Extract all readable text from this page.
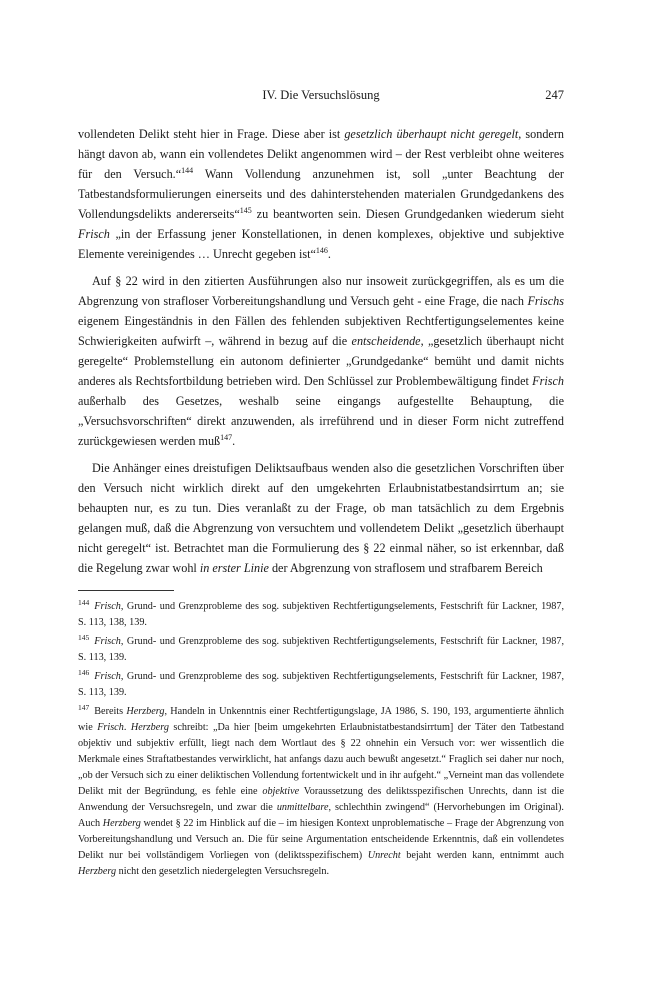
IV. Die Versuchslösung	247

vollendeten Delikt steht hier in Frage. Diese aber ist gesetzlich überhaupt nicht geregelt, sondern hängt davon ab, wann ein vollendetes Delikt angenommen wird – der Rest verbleibt ohne weiteres für den Versuch.“$^{144}$ Wann Vollendung anzunehmen ist, soll „unter Beachtung der Tatbestandsformulierungen einerseits und des dahinterstehenden materialen Grundgedankens des Vollendungsdelikts andererseits“$^{145}$ zu beantworten sein. Diesen Grundgedanken wiederum sieht Frisch „in der Erfassung jener Konstellationen, in denen komplexes, objektive und subjektive Elemente vereinigendes … Unrecht gegeben ist“$^{146}$.

Auf § 22 wird in den zitierten Ausführungen also nur insoweit zurückgegriffen, als es um die Abgrenzung von strafloser Vorbereitungshandlung und Versuch geht - eine Frage, die nach Frischs eigenem Eingeständnis in den Fällen des fehlenden subjektiven Rechtfertigungselementes keine Schwierigkeiten aufwirft –, während in bezug auf die entscheidende, „gesetzlich überhaupt nicht geregelte“ Problemstellung ein autonom definierter „Grundgedanke“ bemüht und damit nichts anderes als Rechtsfortbildung betrieben wird. Den Schlüssel zur Problembewältigung findet Frisch außerhalb des Gesetzes, weshalb seine eingangs aufgestellte Behauptung, die „Versuchsvorschriften“ direkt anzuwenden, als irreführend und in dieser Form nicht zutreffend zurückgewiesen werden muß$^{147}$.

Die Anhänger eines dreistufigen Deliktsaufbaus wenden also die gesetzlichen Vorschriften über den Versuch nicht wirklich direkt auf den umgekehrten Erlaubnistatbestandsirrtum an; sie behaupten nur, es zu tun. Dies veranlaßt zu der Frage, ob man tatsächlich zu dem Ergebnis gelangen muß, daß die Abgrenzung von versuchtem und vollendetem Delikt „gesetzlich überhaupt nicht geregelt“ ist. Betrachtet man die Formulierung des § 22 einmal näher, so ist erkennbar, daß die Regelung zwar wohl in erster Linie der Abgrenzung von straflosem und strafbarem Bereich

$^{144}$ Frisch, Grund- und Grenzprobleme des sog. subjektiven Rechtfertigungselements, Festschrift für Lackner, 1987, S. 113, 138, 139.

$^{145}$ Frisch, Grund- und Grenzprobleme des sog. subjektiven Rechtfertigungselements, Festschrift für Lackner, 1987, S. 113, 139.

$^{146}$ Frisch, Grund- und Grenzprobleme des sog. subjektiven Rechtfertigungselements, Festschrift für Lackner, 1987, S. 113, 139.

$^{147}$ Bereits Herzberg, Handeln in Unkenntnis einer Rechtfertigungslage, JA 1986, S. 190, 193, argumentierte ähnlich wie Frisch. Herzberg schreibt: „Da hier [beim umgekehrten Erlaubnistatbestandsirrtum] der Täter den Tatbestand objektiv und subjektiv erfüllt, liegt nach dem Wortlaut des § 22 ohnehin ein Versuch vor: wer wissentlich die Merkmale eines Straftatbestandes verwirklicht, hat anfangs dazu auch bewußt angesetzt.“ Fraglich sei daher nur noch, „ob der Versuch sich zu einer deliktischen Vollendung fortentwickelt und in ihr aufgeht.“ „Verneint man das vollendete Delikt mit der Begründung, es fehle eine objektive Voraussetzung des deliktsspezifischen Unrechts, dann ist die Anwendung der Versuchsregeln, und zwar die unmittelbare, schlechthin zwingend“ (Hervorhebungen im Original). Auch Herzberg wendet § 22 im Hinblick auf die – im hiesigen Kontext unproblematische – Frage der Abgrenzung von Vorbereitungshandlung und Versuch an. Die für seine Argumentation entscheidende Erkenntnis, daß ein vollendetes Delikt nur bei vollständigem Vorliegen von (deliktsspezifischem) Unrecht bejaht werden kann, entnimmt auch Herzberg nicht den gesetzlich niedergelegten Versuchsregeln.
